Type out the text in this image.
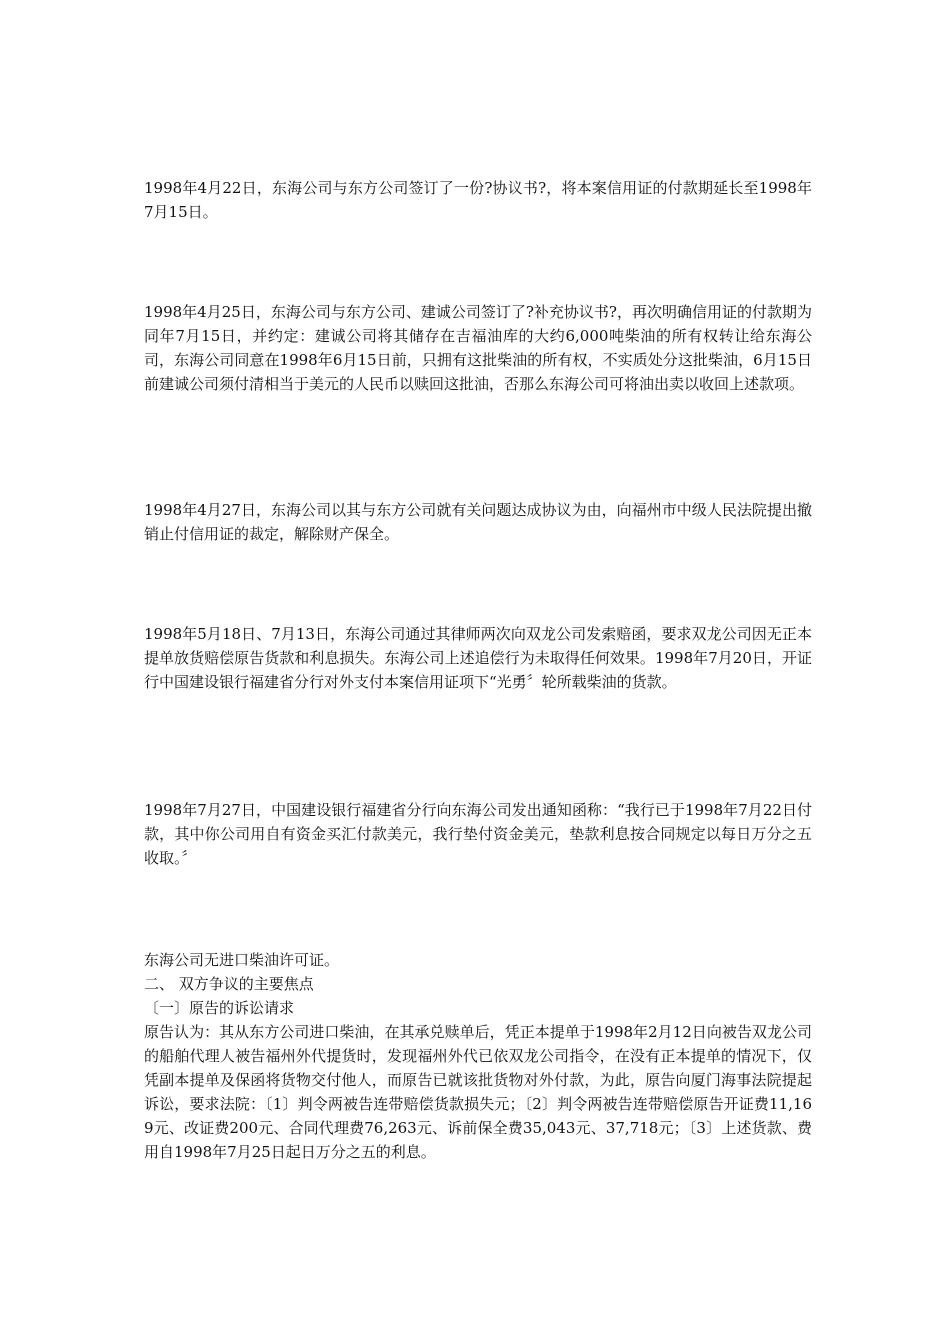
1998年4月22日，东海公司与东方公司签订了一份?协议书?，将本案信用证的付款期延长至1998年7月15日。

1998年4月25日，东海公司与东方公司、建诚公司签订了?补充协议书?，再次明确信用证的付款期为同年7月15日，并约定：建诚公司将其储存在吉福油库的大约6,000吨柴油的所有权转让给东海公司，东海公司同意在1998年6月15日前，只拥有这批柴油的所有权，不实质处分这批柴油，6月15日前建诚公司须付清相当于美元的人民币以赎回这批油，否那么东海公司可将油出卖以收回上述款项。

1998年4月27日，东海公司以其与东方公司就有关问题达成协议为由，向福州市中级人民法院提出撤销止付信用证的裁定，解除财产保全。

1998年5月18日、7月13日，东海公司通过其律师两次向双龙公司发索赔函，要求双龙公司因无正本提单放货赔偿原告货款和利息损失。东海公司上述追偿行为未取得任何效果。1998年7月20日，开证行中国建设银行福建省分行对外支付本案信用证项下“光勇〞轮所载柴油的货款。

1998年7月27日，中国建设银行福建省分行向东海公司发出通知函称：“我行已于1998年7月22日付款，其中你公司用自有资金买汇付款美元，我行垫付资金美元，垫款利息按合同规定以每日万分之五收取。〞

东海公司无进口柴油许可证。

二、 双方争议的主要焦点

〔一〕原告的诉讼请求

原告认为：其从东方公司进口柴油，在其承兑赎单后，凭正本提单于1998年2月12日向被告双龙公司的船舶代理人被告福州外代提货时，发现福州外代已依双龙公司指令，在没有正本提单的情况下，仅凭副本提单及保函将货物交付他人，而原告已就该批货物对外付款，为此，原告向厦门海事法院提起诉讼，要求法院：〔1〕判令两被告连带赔偿货款损失元；〔2〕判令两被告连带赔偿原告开证费11,169元、改证费200元、合同代理费76,263元、诉前保全费35,043元、37,718元；〔3〕上述货款、费用自1998年7月25日起日万分之五的利息。
